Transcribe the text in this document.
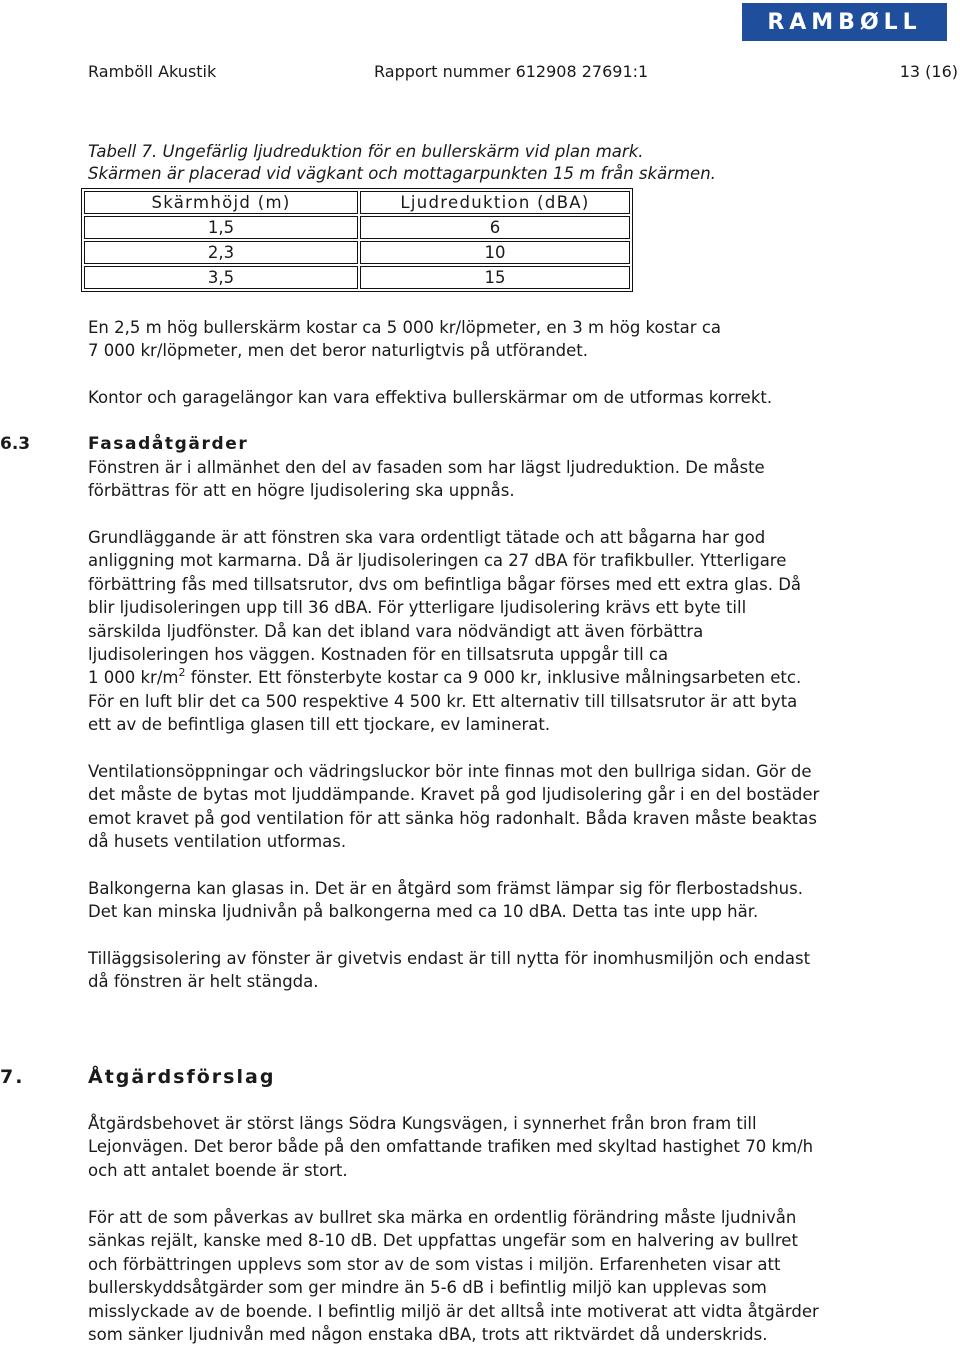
RAMBØLL
Ramböll Akustik	Rapport nummer 612908 27691:1	13 (16)
Tabell 7. Ungefärlig ljudreduktion för en bullerskärm vid plan mark.
Skärmen är placerad vid vägkant och mottagarpunkten 15 m från skärmen.
Skärmhöjd (m)	Ljudreduktion (dBA)
1,5	6
2,3	10
3,5	15
En 2,5 m hög bullerskärm kostar ca 5 000 kr/löpmeter, en 3 m hög kostar ca
7 000 kr/löpmeter, men det beror naturligtvis på utförandet.
Kontor och garagelängor kan vara effektiva bullerskärmar om de utformas korrekt.
6.3	Fasadåtgärder
Fönstren är i allmänhet den del av fasaden som har lägst ljudreduktion. De måste
förbättras för att en högre ljudisolering ska uppnås.
Grundläggande är att fönstren ska vara ordentligt tätade och att bågarna har god
anliggning mot karmarna. Då är ljudisoleringen ca 27 dBA för trafikbuller. Ytterligare
förbättring fås med tillsatsrutor, dvs om befintliga bågar förses med ett extra glas. Då
blir ljudisoleringen upp till 36 dBA. För ytterligare ljudisolering krävs ett byte till
särskilda ljudfönster. Då kan det ibland vara nödvändigt att även förbättra
ljudisoleringen hos väggen. Kostnaden för en tillsatsruta uppgår till ca
1 000 $kr/m^2$ fönster. Ett fönsterbyte kostar ca 9 000 kr, inklusive målningsarbeten etc.
För en luft blir det ca 500 respektive 4 500 kr. Ett alternativ till tillsatsrutor är att byta
ett av de befintliga glasen till ett tjockare, ev laminerat.
Ventilationsöppningar och vädringsluckor bör inte finnas mot den bullriga sidan. Gör de
det måste de bytas mot ljuddämpande. Kravet på god ljudisolering går i en del bostäder
emot kravet på god ventilation för att sänka hög radonhalt. Båda kraven måste beaktas
då husets ventilation utformas.
Balkongerna kan glasas in. Det är en åtgärd som främst lämpar sig för flerbostadshus.
Det kan minska ljudnivån på balkongerna med ca 10 dBA. Detta tas inte upp här.
Tilläggsisolering av fönster är givetvis endast är till nytta för inomhusmiljön och endast
då fönstren är helt stängda.
7.	Åtgärdsförslag
Åtgärdsbehovet är störst längs Södra Kungsvägen, i synnerhet från bron fram till
Lejonvägen. Det beror både på den omfattande trafiken med skyltad hastighet 70 km/h
och att antalet boende är stort.
För att de som påverkas av bullret ska märka en ordentlig förändring måste ljudnivån
sänkas rejält, kanske med 8-10 dB. Det uppfattas ungefär som en halvering av bullret
och förbättringen upplevs som stor av de som vistas i miljön. Erfarenheten visar att
bullerskyddsåtgärder som ger mindre än 5-6 dB i befintlig miljö kan upplevas som
misslyckade av de boende. I befintlig miljö är det alltså inte motiverat att vidta åtgärder
som sänker ljudnivån med någon enstaka dBA, trots att riktvärdet då underskrids.
